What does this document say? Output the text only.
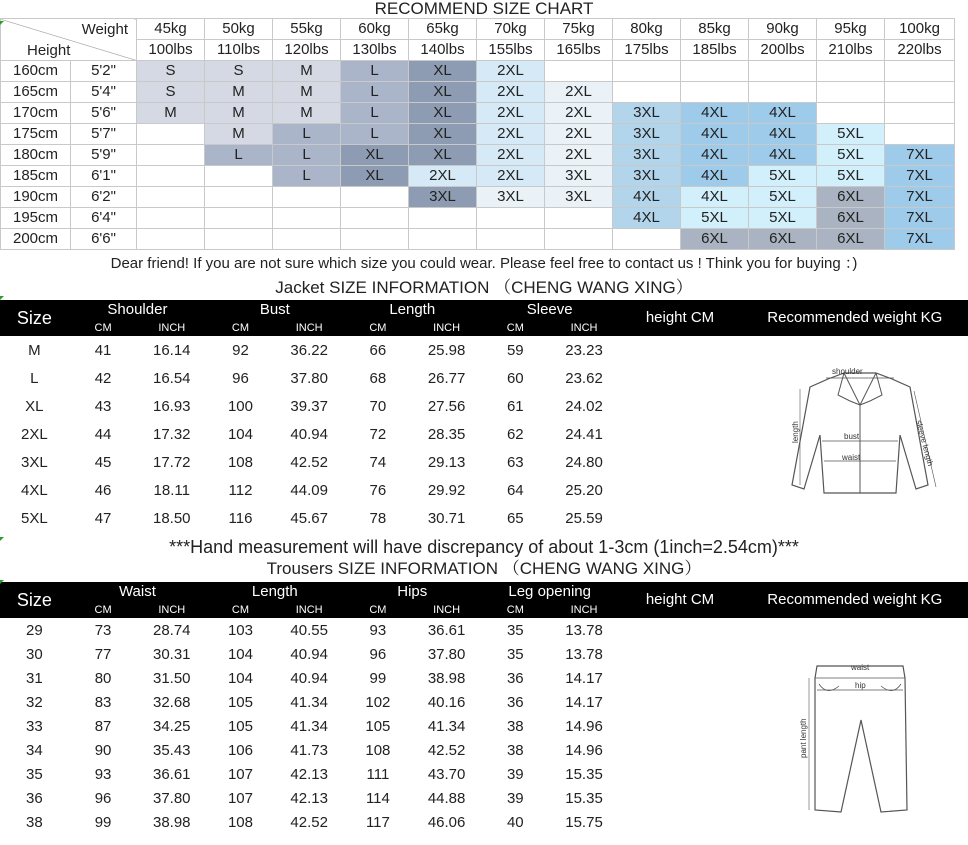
RECOMMEND SIZE CHART
Weight
Height		45kg	50kg	55kg	60kg	65kg	70kg	75kg	80kg	85kg	90kg	95kg	100kg
		100lbs	110lbs	120lbs	130lbs	140lbs	155lbs	165lbs	175lbs	185lbs	200lbs	210lbs	220lbs
160cm	5'2"	S	S	M	L	XL	2XL						
165cm	5'4"	S	M	M	L	XL	2XL	2XL					
170cm	5'6"	M	M	M	L	XL	2XL	2XL	3XL	4XL	4XL		
175cm	5'7"		M	L	L	XL	2XL	2XL	3XL	4XL	4XL	5XL	
180cm	5'9"		L	L	XL	XL	2XL	2XL	3XL	4XL	4XL	5XL	7XL
185cm	6'1"			L	XL	2XL	2XL	3XL	3XL	4XL	5XL	5XL	7XL
190cm	6'2"					3XL	3XL	3XL	4XL	4XL	5XL	6XL	7XL
195cm	6'4"								4XL	5XL	5XL	6XL	7XL
200cm	6'6"									6XL	6XL	6XL	7XL
Dear friend! If you are not sure which size you could wear. Please feel free to contact us ! Think you for buying ：)
Jacket SIZE INFORMATION （CHENG WANG XING）
Size	Shoulder		Bust		Length		Sleeve		height CM	Recommended weight KG
	CM	INCH	CM	INCH	CM	INCH	CM	INCH		
M	41	16.14	92	36.22	66	25.98	59	23.23		
L	42	16.54	96	37.80	68	26.77	60	23.62		
XL	43	16.93	100	39.37	70	27.56	61	24.02		
2XL	44	17.32	104	40.94	72	28.35	62	24.41		
3XL	45	17.72	108	42.52	74	29.13	63	24.80		
4XL	46	18.11	112	44.09	76	29.92	64	25.20		
5XL	47	18.50	116	45.67	78	30.71	65	25.59		
shoulder
bust
waist
length	sleeve length
***Hand measurement will have discrepancy of about 1-3cm (1inch=2.54cm)***
Trousers SIZE INFORMATION （CHENG WANG XING）
Size	Waist		Length		Hips		Leg opening		height CM	Recommended weight KG
	CM	INCH	CM	INCH	CM	INCH	CM	INCH		
29	73	28.74	103	40.55	93	36.61	35	13.78		
30	77	30.31	104	40.94	96	37.80	35	13.78		
31	80	31.50	104	40.94	99	38.98	36	14.17		
32	83	32.68	105	41.34	102	40.16	36	14.17		
33	87	34.25	105	41.34	105	41.34	38	14.96		
34	90	35.43	106	41.73	108	42.52	38	14.96		
35	93	36.61	107	42.13	111	43.70	39	15.35		
36	96	37.80	107	42.13	114	44.88	39	15.35		
38	99	38.98	108	42.52	117	46.06	40	15.75		
waist
hip
pant length
